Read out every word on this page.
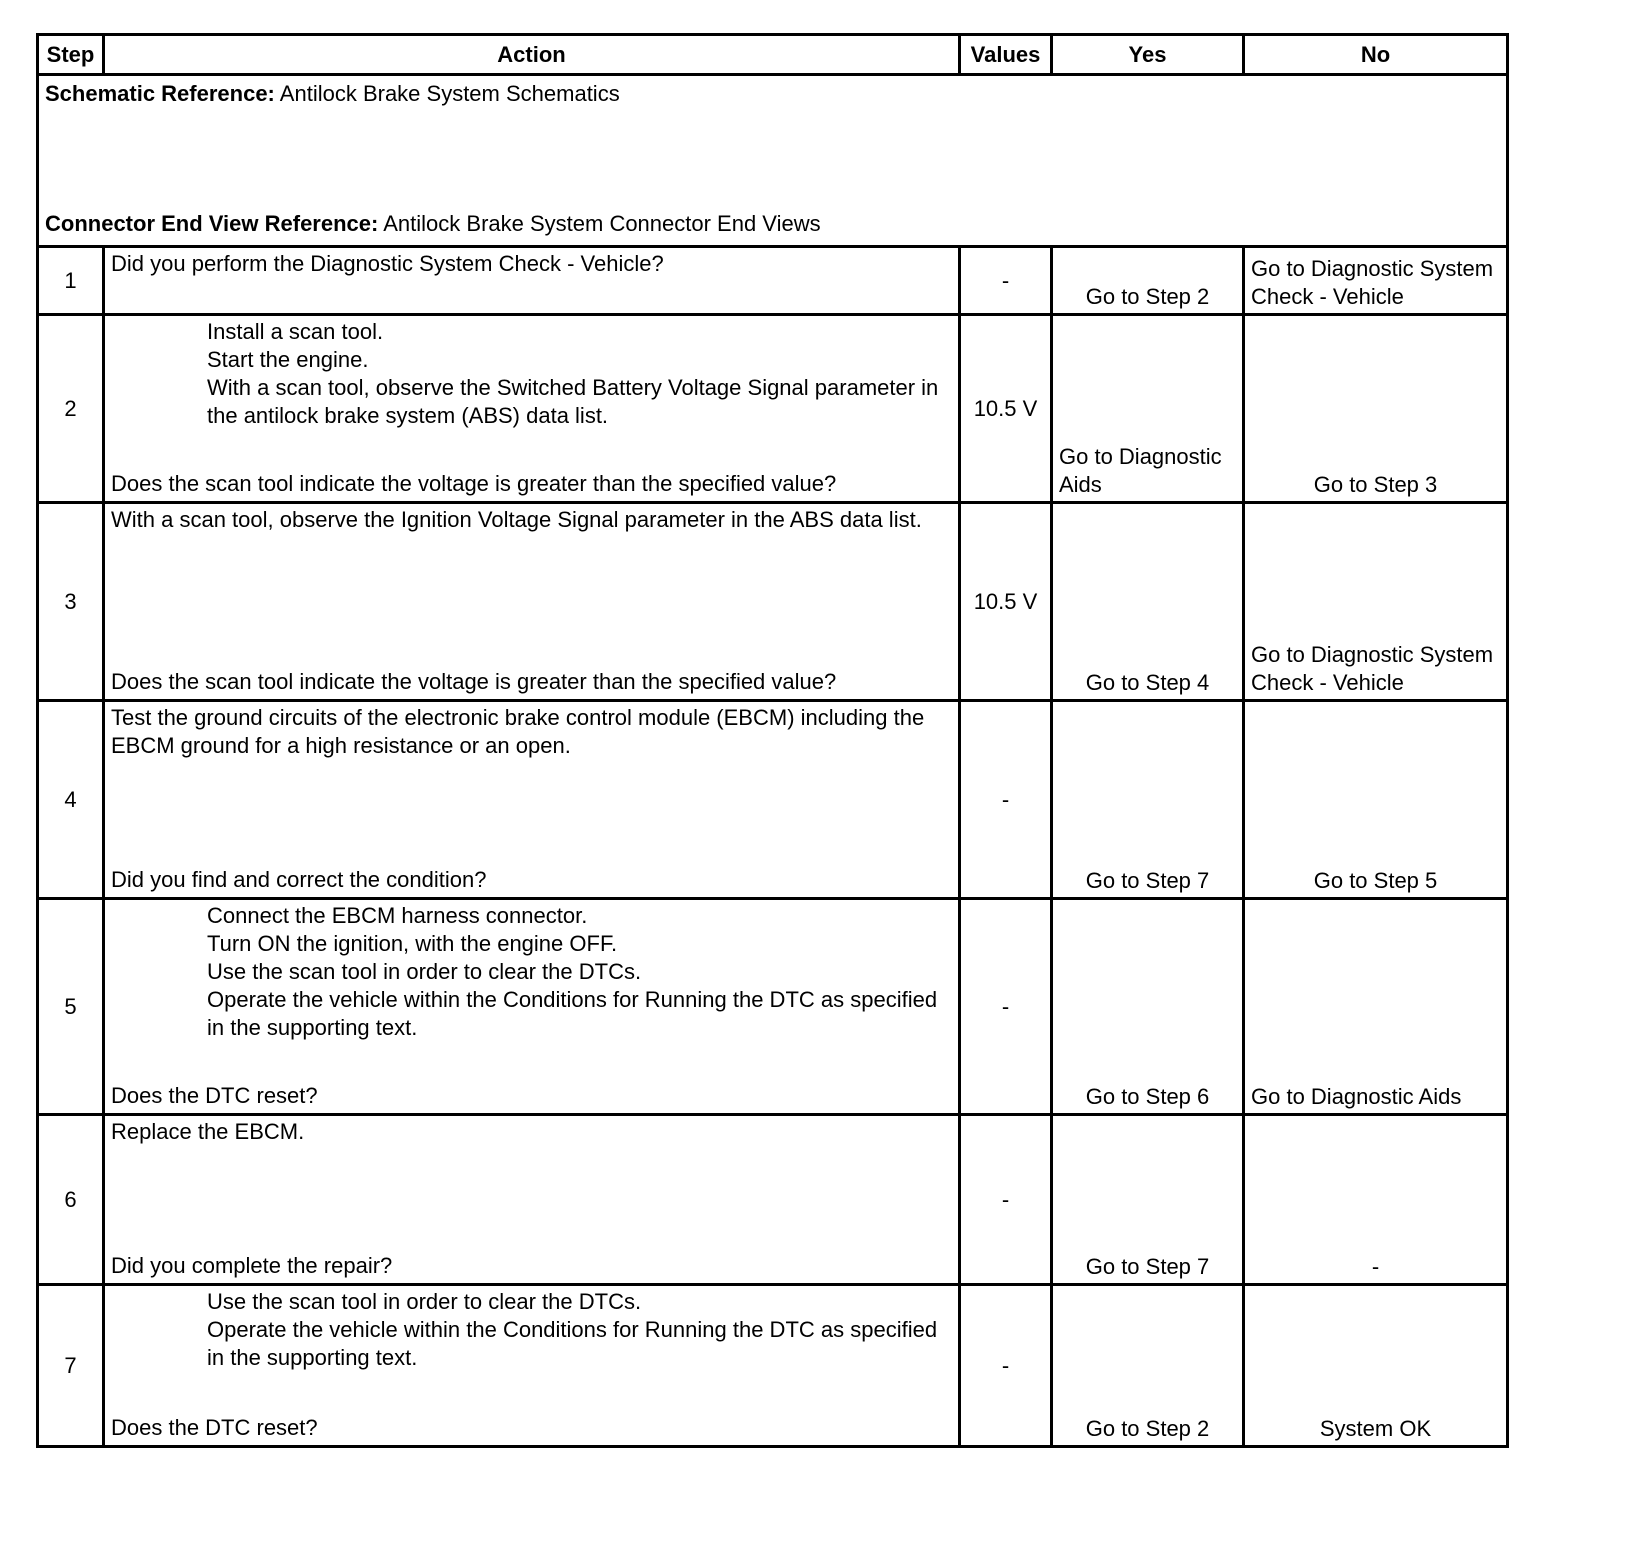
Step	Action	Values	Yes	No

Schematic Reference: Antilock Brake System Schematics
Connector End View Reference: Antilock Brake System Connector End Views				

1	Did you perform the Diagnostic System Check - Vehicle?	-	Go to Step 2	Go to Diagnostic System Check - Vehicle

2	Install a scan tool.
Start the engine.
With a scan tool, observe the Switched Battery Voltage Signal parameter in the antilock brake system (ABS) data list.
Does the scan tool indicate the voltage is greater than the specified value?	10.5 V	Go to Diagnostic Aids	Go to Step 3

3	With a scan tool, observe the Ignition Voltage Signal parameter in the ABS data list.
Does the scan tool indicate the voltage is greater than the specified value?	10.5 V	Go to Step 4	Go to Diagnostic System Check - Vehicle

4	Test the ground circuits of the electronic brake control module (EBCM) including the EBCM ground for a high resistance or an open.
Did you find and correct the condition?	-	Go to Step 7	Go to Step 5

5	Connect the EBCM harness connector.
Turn ON the ignition, with the engine OFF.
Use the scan tool in order to clear the DTCs.
Operate the vehicle within the Conditions for Running the DTC as specified in the supporting text.
Does the DTC reset?	-	Go to Step 6	Go to Diagnostic Aids

6	Replace the EBCM.
Did you complete the repair?	-	Go to Step 7	-

7	Use the scan tool in order to clear the DTCs.
Operate the vehicle within the Conditions for Running the DTC as specified in the supporting text.
Does the DTC reset?	-	Go to Step 2	System OK
